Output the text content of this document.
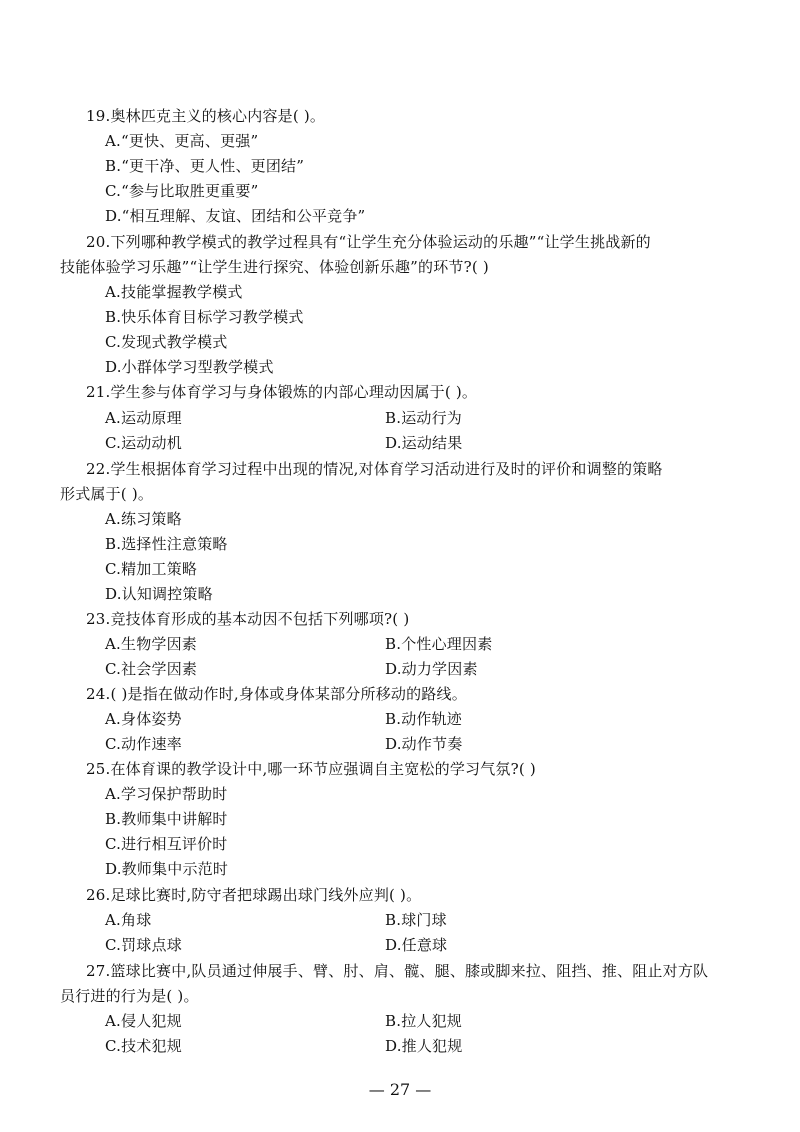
19.奥林匹克主义的核心内容是( )。
A.“更快、更高、更强”
B.“更干净、更人性、更团结”
C.“参与比取胜更重要”
D.“相互理解、友谊、团结和公平竞争”
20.下列哪种教学模式的教学过程具有“让学生充分体验运动的乐趣”“让学生挑战新的
技能体验学习乐趣”“让学生进行探究、体验创新乐趣”的环节?( )
A.技能掌握教学模式
B.快乐体育目标学习教学模式
C.发现式教学模式
D.小群体学习型教学模式
21.学生参与体育学习与身体锻炼的内部心理动因属于( )。
A.运动原理	B.运动行为
C.运动动机	D.运动结果
22.学生根据体育学习过程中出现的情况,对体育学习活动进行及时的评价和调整的策略
形式属于( )。
A.练习策略
B.选择性注意策略
C.精加工策略
D.认知调控策略
23.竞技体育形成的基本动因不包括下列哪项?( )
A.生物学因素	B.个性心理因素
C.社会学因素	D.动力学因素
24.( )是指在做动作时,身体或身体某部分所移动的路线。
A.身体姿势	B.动作轨迹
C.动作速率	D.动作节奏
25.在体育课的教学设计中,哪一环节应强调自主宽松的学习气氛?( )
A.学习保护帮助时
B.教师集中讲解时
C.进行相互评价时
D.教师集中示范时
26.足球比赛时,防守者把球踢出球门线外应判( )。
A.角球	B.球门球
C.罚球点球	D.任意球
27.篮球比赛中,队员通过伸展手、臂、肘、肩、髋、腿、膝或脚来拉、阻挡、推、阻止对方队
员行进的行为是( )。
A.侵人犯规	B.拉人犯规
C.技术犯规	D.推人犯规
— 27 —
